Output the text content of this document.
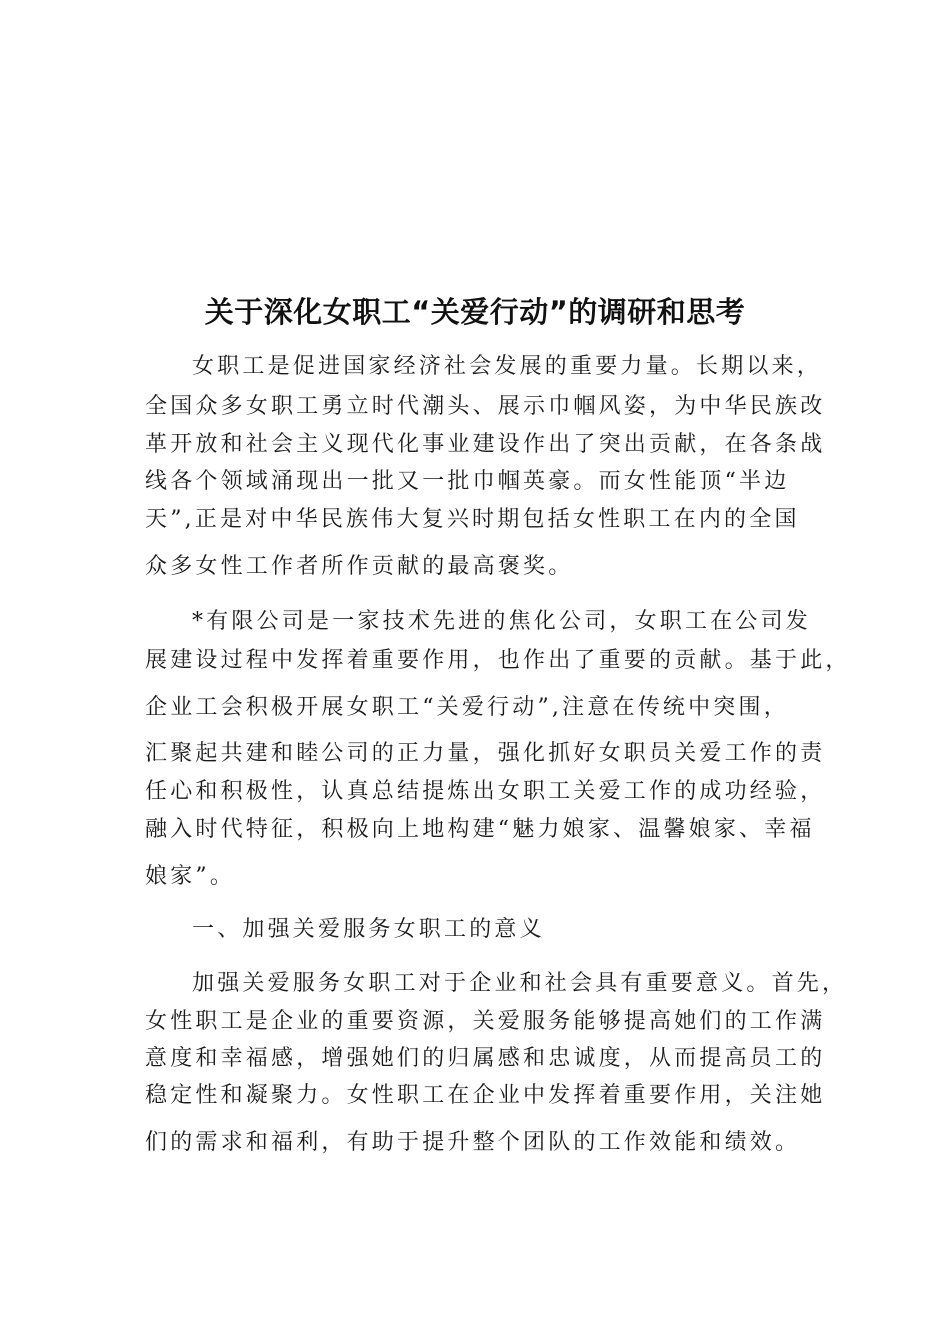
关于深化女职工“关爱行动”的调研和思考

女职工是促进国家经济社会发展的重要力量。长期以来，

全国众多女职工勇立时代潮头、展示巾帼风姿，为中华民族改

革开放和社会主义现代化事业建设作出了突出贡献，在各条战

线各个领域涌现出一批又一批巾帼英豪。而女性能顶“半边

天”,正是对中华民族伟大复兴时期包括女性职工在内的全国

众多女性工作者所作贡献的最高褒奖。

*有限公司是一家技术先进的焦化公司，女职工在公司发

展建设过程中发挥着重要作用，也作出了重要的贡献。基于此，

企业工会积极开展女职工“关爱行动”,注意在传统中突围，

汇聚起共建和睦公司的正力量，强化抓好女职员关爱工作的责

任心和积极性，认真总结提炼出女职工关爱工作的成功经验，

融入时代特征，积极向上地构建“魅力娘家、温馨娘家、幸福

娘家”。

一、加强关爱服务女职工的意义

加强关爱服务女职工对于企业和社会具有重要意义。首先，

女性职工是企业的重要资源，关爱服务能够提高她们的工作满

意度和幸福感，增强她们的归属感和忠诚度，从而提高员工的

稳定性和凝聚力。女性职工在企业中发挥着重要作用，关注她

们的需求和福利，有助于提升整个团队的工作效能和绩效。
